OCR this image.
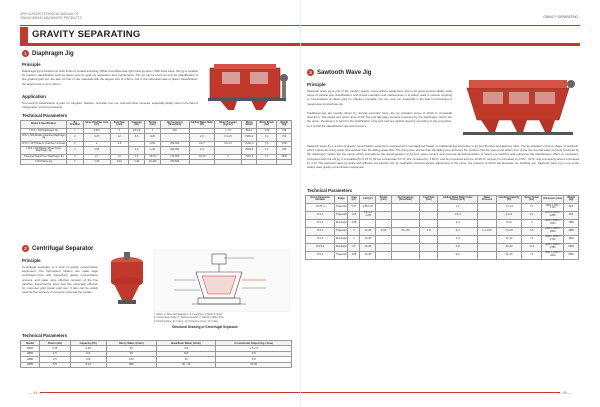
APPLICATION TECHNICAL MANUAL OF
XINHAI MINING MACHINERY PRODUCTS
GRAVITY SEPARATING
1 Diaphragm Jig
Principle
Diaphragm jig is divided into such kinds of models including: White-drum/Alternate-right hand jig-down. With fixed sieve, this jig is suitable for medium classification such as placer and ore gold ore separation and maintenance. The jig can be used not only for classification of fine grained gold ore, but also for that of raw materials with the largest size of 6-8mm, but in the individual case of placer classification, the largest size is up to 12mm.
Application
It is used for classification of gold, tin, tungsten, titanium, hematite, iron ore, coal and other minerals, especially widely used in the field of manganese mineral processing.
Technical Parameters
Model & Specification	Jig Chamber	Sieve Chamber Area (m²)	Feed Size (mm)	Capacity (t/h)	Stroke (mm)	Jig Frequency (times/min)	Adding Water Ratio (t/t)	Water Pressure (kg/cm²)	Motor Model	Motor Power (kw)	Weight (kg)
LTC2 × 300 Diaphragm Jig	1	0.323	3	0.5-0.6	0	420		1-1.5	BE1-4	0.55	538
LTC2 × 500 Double Chamber Diaphragm Jig	2	0.27	12	3-6	0-25		2-3	0.3-1.5	Y90S-4	1.1	700
LTC2 × 1070 Bottom Chamber Compass	2	2	6-8		0-50	200-300	3.6-7	0.6-1.0	Y100L-6	1.5	1700
LTC4 × 900 Bottom-Driven Cone Diaphragm Jig	2	0.55		1-4	1-40	260-350	2-4		Y90S-4	1.1	260
Trapezoid Side-Driven Diaphragm Jig	2	2.7	10	4-5	23-51	170-300	4.8-40	2	Y90S-6	1.1	2600
LTC-6 Sieve Jig	1	1.44	0-10	7-18	10-100	240-500					
2 Centrifugal Separator
Principle
Centrifugal separator is a kind of gravity concentration equipment. The high-speed rotation can make large centrifugal force with intensifying gravity concentration process, and make more effective recovery of the fine particles. Experiments show that this especially effective for monomer gold (mean gold ore). It also can be widely used for the recovery of monomer gold and the metals.
1. Motor; 2. Drive and Reduction; 3. Feed Pipe; 4. Bowl; 5. Rotor
6. Concentrate Outlet; 7. Tailings Launder; 8. Washing Water Pipe
9. Flushing Pipe; 10. Frame; 11. Protective Cover; 12. Pulley
Structural Drawing of Centrifugal Separator
Technical Parameters
Model	Power (kw)	Capacity (t/h)	Slurry Water (t/min)	Backflush Water (t/min)	Concentrate Output (kg / time)
LB30	0.75	0-25	60	4-6	1.5-2.5
LB60	1.5	0-5	90	5-8	3-5
LB80	2.5	2-8	120	10	6-8
LB80	5.5	8-12	480	30 - 40	20-30
— 94 —
GRAVITY SEPARATING
3 Sawtooth Wave Jig
Principle
Sawtooth wave jig is one of the modern gravity concentration equipment, due to its great process ability, wide range of particle size classification, and simple operation and maintenance, it is widely used in mineral roughing or concentration of placer gold, tin, titanium, hematite, iron ore, coal, etc. especially in the field of processing of manganese concentrate ore.
Traditional jigs are usually driven by circular eccentric force, the jig pulsation curve of which is sinusoidal waveform. The speed and action time of the rise and fall water currents produced by the diaphragm motion are the same, therefore it is hard for the stratification of jig bed and ore particle layering according to the proportion, so it is that the classification rate and recovery.
Sawtooth wave jig is a kind of gravity concentration equipment reviewed and manufactured based on traditional jigs according to jig bed theories and layering rules. The jig pulsation curve is shape of sawtooth, which makes the rising water flow quicker than the falling water flow. The rising time shorter than the falling time achieves the problem that the speed and action time of the rise and fall water currents produced by the diaphragm motion are the same, which strengthens the decomposition of jig bed, eases suction and prevents all-sedimentation of heavy ore particles and enhances the classification effect on necessary. Compared with the old jig, it is qualified for 0.15 %, fill ore concentrate 5.5 %, this increased by 1.66 %, and its processed and ore 10.49 %, recovery is increased by 4.6% - 30 %, and processing area is increased by 3 %. The sawtooth wave jig deals with different ore particle size by realization electromagnetic adjustment of the motor, the property of which will decrease ore bedding, etc. Sawtooth wave jig is one of the widely used gravity concentration equipment.
Technical Parameters
Item & Parameter Attribute	Shape	Area (m²)	Cell (m²)	Stroke (mm)	Jig Frequency (times/min)	Feed Size (mm)	Adding Water Ratio Under Screen (m³/t)	Water Pressure	Handling Capacity (t/h)	Motor Power (kw)	Dimension (mm)	Weight (kg)
JT0.57-1	Trapezoid	0.57	0.55-0.33				1.0		1.0-1.5	1.1	1550 × 780 × 1700	800
JT1-1	Trapezoid	1.04	0.5~1.2 ~0.55				1.5~2		2.0~5	2.2	2270 × 1210 × 1855	900
JT2-2	Rectangle	2.28					2~3		5~10	3	3200 × 1950 × 2640	1880
JT3-1	Trapezoid	3	12~50	0~50	50~170	1~8	3~4	0.1~0.15	7.0~15	5.5	2950 × 2000 × 2600	2885
JT4-2	Rectangle	4	10~50				3~5		10~20	7.5	4490 × 2850 × 2700	4000
JT4.5-2	Rectangle	4.5	15~50				4~5		10~30	11.4	4200 × 2360 × 2750	5000
JT5-2	Trapezoid	4.86	12~50				5~6		12~25	7.5	3840 × 2650 × 3200	5660
— 95 —
